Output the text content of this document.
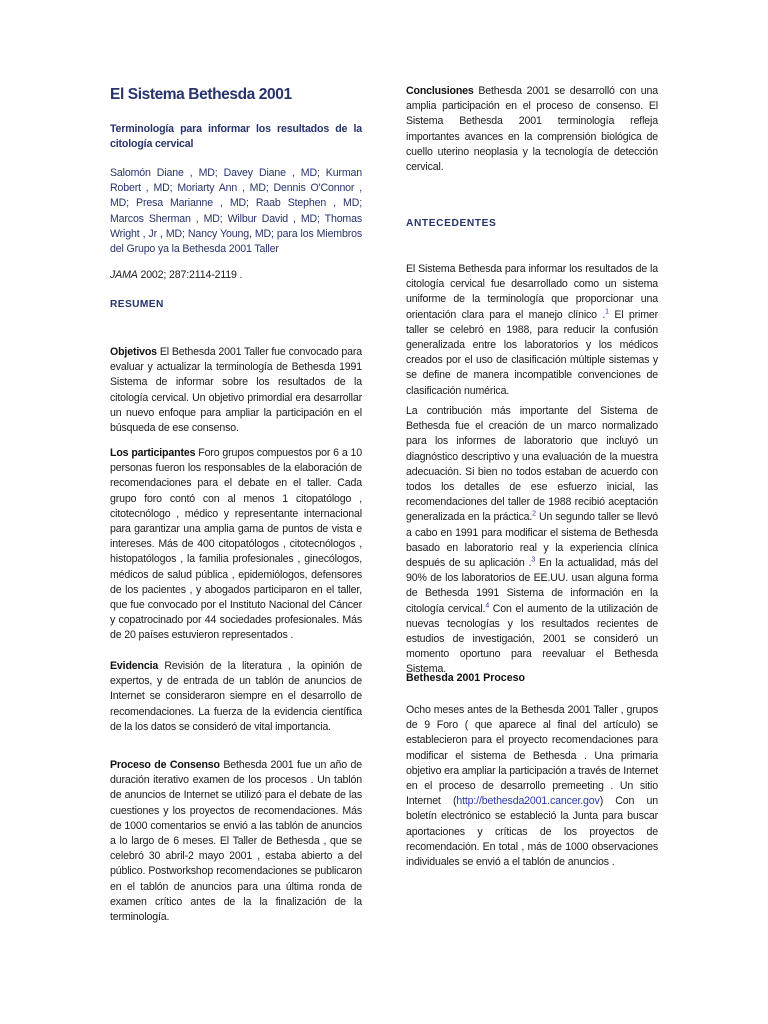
El Sistema Bethesda 2001
Terminología para informar los resultados de la citología cervical

Salomón Diane , MD; Davey Diane , MD; Kurman Robert , MD; Moriarty Ann , MD; Dennis O'Connor , MD; Presa Marianne , MD; Raab Stephen , MD; Marcos Sherman , MD; Wilbur David , MD; Thomas Wright , Jr , MD; Nancy Young, MD; para los Miembros del Grupo ya la Bethesda 2001 Taller

JAMA 2002; 287:2114-2119 .

RESUMEN

Objetivos El Bethesda 2001 Taller fue convocado para evaluar y actualizar la terminología de Bethesda 1991 Sistema de informar sobre los resultados de la citología cervical. Un objetivo primordial era desarrollar un nuevo enfoque para ampliar la participación en el búsqueda de ese consenso.

Los participantes Foro grupos compuestos por 6 a 10 personas fueron los responsables de la elaboración de recomendaciones para el debate en el taller. Cada grupo foro contó con al menos 1 citopatólogo , citotecnólogo , médico y representante internacional para garantizar una amplia gama de puntos de vista e intereses. Más de 400 citopatólogos , citotecnólogos , histopatólogos , la familia profesionales , ginecólogos, médicos de salud pública , epidemiólogos, defensores de los pacientes , y abogados participaron en el taller, que fue convocado por el Instituto Nacional del Cáncer y copatrocinado por 44 sociedades profesionales. Más de 20 países estuvieron representados .

Evidencia Revisión de la literatura , la opinión de expertos, y de entrada de un tablón de anuncios de Internet se consideraron siempre en el desarrollo de recomendaciones. La fuerza de la evidencia científica de la los datos se consideró de vital importancia.

Proceso de Consenso Bethesda 2001 fue un año de duración iterativo examen de los procesos . Un tablón de anuncios de Internet se utilizó para el debate de las cuestiones y los proyectos de recomendaciones. Más de 1000 comentarios se envió a las tablón de anuncios a lo largo de 6 meses. El Taller de Bethesda , que se celebró 30 abril-2 mayo 2001 , estaba abierto a del público. Postworkshop recomendaciones se publicaron en el tablón de anuncios para una última ronda de examen crítico antes de la la finalización de la terminología.

Conclusiones Bethesda 2001 se desarrolló con una amplia participación en el proceso de consenso. El Sistema Bethesda 2001 terminología refleja importantes avances en la comprensión biológica de cuello uterino neoplasia y la tecnología de detección cervical.

ANTECEDENTES

El Sistema Bethesda para informar los resultados de la citología cervical fue desarrollado como un sistema uniforme de la terminología que proporcionar una orientación clara para el manejo clínico .$^1$ El primer taller se celebró en 1988, para reducir la confusión generalizada entre los laboratorios y los médicos creados por el uso de clasificación múltiple sistemas y se define de manera incompatible convenciones de clasificación numérica.

La contribución más importante del Sistema de Bethesda fue el creación de un marco normalizado para los informes de laboratorio que incluyó un diagnóstico descriptivo y una evaluación de la muestra adecuación. Si bien no todos estaban de acuerdo con todos los detalles de ese esfuerzo inicial, las recomendaciones del taller de 1988 recibió aceptación generalizada en la práctica.$^2$ Un segundo taller se llevó a cabo en 1991 para modificar el sistema de Bethesda basado en laboratorio real y la experiencia clínica después de su aplicación .$^3$ En la actualidad, más del 90% de los laboratorios de EE.UU. usan alguna forma de Bethesda 1991 Sistema de información en la citología cervical.$^4$ Con el aumento de la utilización de nuevas tecnologías y los resultados recientes de estudios de investigación, 2001 se consideró un momento oportuno para reevaluar el Bethesda Sistema.

Bethesda 2001 Proceso

Ocho meses antes de la Bethesda 2001 Taller , grupos de 9 Foro ( que aparece al final del artículo) se establecieron para el proyecto recomendaciones para modificar el sistema de Bethesda . Una primaria objetivo era ampliar la participación a través de Internet en el proceso de desarrollo premeeting . Un sitio Internet (http://bethesda2001.cancer.gov) Con un boletín electrónico se estableció la Junta para buscar aportaciones y críticas de los proyectos de recomendación. En total , más de 1000 observaciones individuales se envió a el tablón de anuncios .
